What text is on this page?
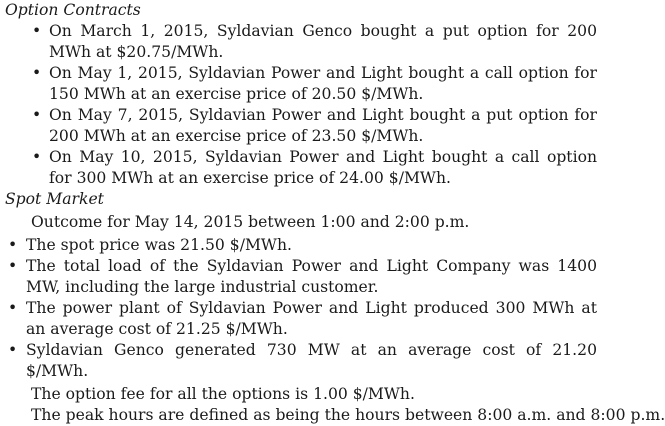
Option Contracts
• On March 1, 2015, Syldavian Genco bought a put option for 200 MWh at $20.75/MWh.
• On May 1, 2015, Syldavian Power and Light bought a call option for 150 MWh at an exercise price of 20.50 $/MWh.
• On May 7, 2015, Syldavian Power and Light bought a put option for 200 MWh at an exercise price of 23.50 $/MWh.
• On May 10, 2015, Syldavian Power and Light bought a call option for 300 MWh at an exercise price of 24.00 $/MWh.
Spot Market
Outcome for May 14, 2015 between 1:00 and 2:00 p.m.
• The spot price was 21.50 $/MWh.
• The total load of the Syldavian Power and Light Company was 1400 MW, including the large industrial customer.
• The power plant of Syldavian Power and Light produced 300 MWh at an average cost of 21.25 $/MWh.
• Syldavian Genco generated 730 MW at an average cost of 21.20 $/MWh.
The option fee for all the options is 1.00 $/MWh.
The peak hours are defined as being the hours between 8:00 a.m. and 8:00 p.m.
